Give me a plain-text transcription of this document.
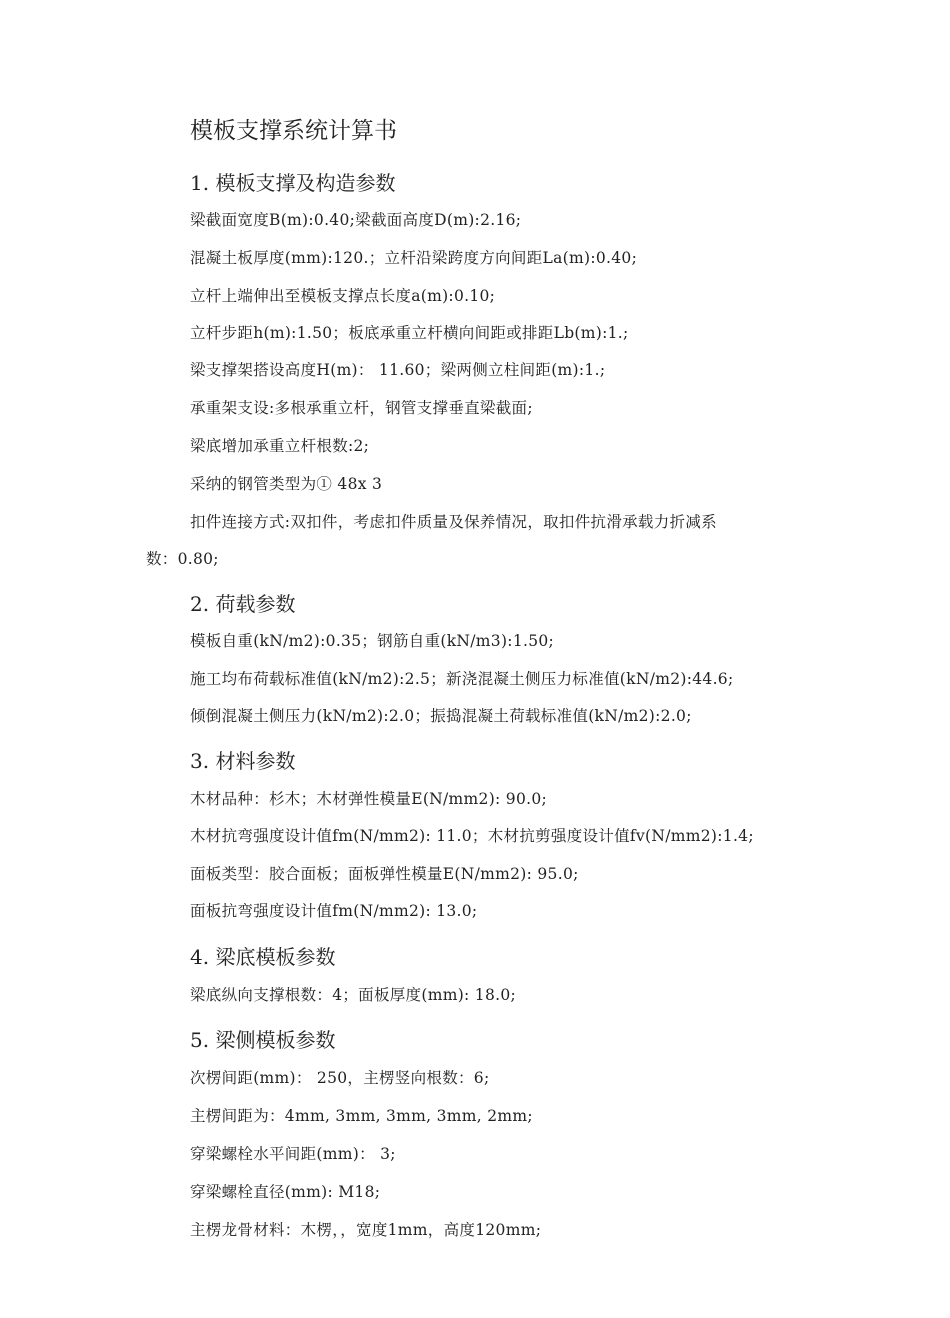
模板支撑系统计算书
1. 模板支撑及构造参数
梁截面宽度B(m):0.40;梁截面高度D(m):2.16;
混凝土板厚度(mm):120.；立杆沿梁跨度方向间距La(m):0.40;
立杆上端伸出至模板支撑点长度a(m):0.10;
立杆步距h(m):1.50；板底承重立杆横向间距或排距Lb(m):1.;
梁支撑架搭设高度H(m)： 11.60；梁两侧立柱间距(m):1.;
承重架支设:多根承重立杆，钢管支撑垂直梁截面;
梁底增加承重立杆根数:2;
采纳的钢管类型为① 48x 3
扣件连接方式:双扣件，考虑扣件质量及保养情况，取扣件抗滑承载力折减系
数：0.80;
2. 荷载参数
模板自重(kN/m2):0.35；钢筋自重(kN/m3):1.50;
施工均布荷载标准值(kN/m2):2.5；新浇混凝土侧压力标准值(kN/m2):44.6;
倾倒混凝土侧压力(kN/m2):2.0；振捣混凝土荷载标准值(kN/m2):2.0;
3. 材料参数
木材品种：杉木；木材弹性模量E(N/mm2): 90.0;
木材抗弯强度设计值fm(N/mm2): 11.0；木材抗剪强度设计值fv(N/mm2):1.4;
面板类型：胶合面板；面板弹性模量E(N/mm2): 95.0;
面板抗弯强度设计值fm(N/mm2): 13.0;
4. 梁底模板参数
梁底纵向支撑根数：4；面板厚度(mm): 18.0;
5. 梁侧模板参数
次楞间距(mm)： 250，主楞竖向根数：6;
主楞间距为：4mm, 3mm, 3mm, 3mm, 2mm;
穿梁螺栓水平间距(mm)： 3;
穿梁螺栓直径(mm): M18;
主楞龙骨材料：木楞，，宽度1mm，高度120mm;
